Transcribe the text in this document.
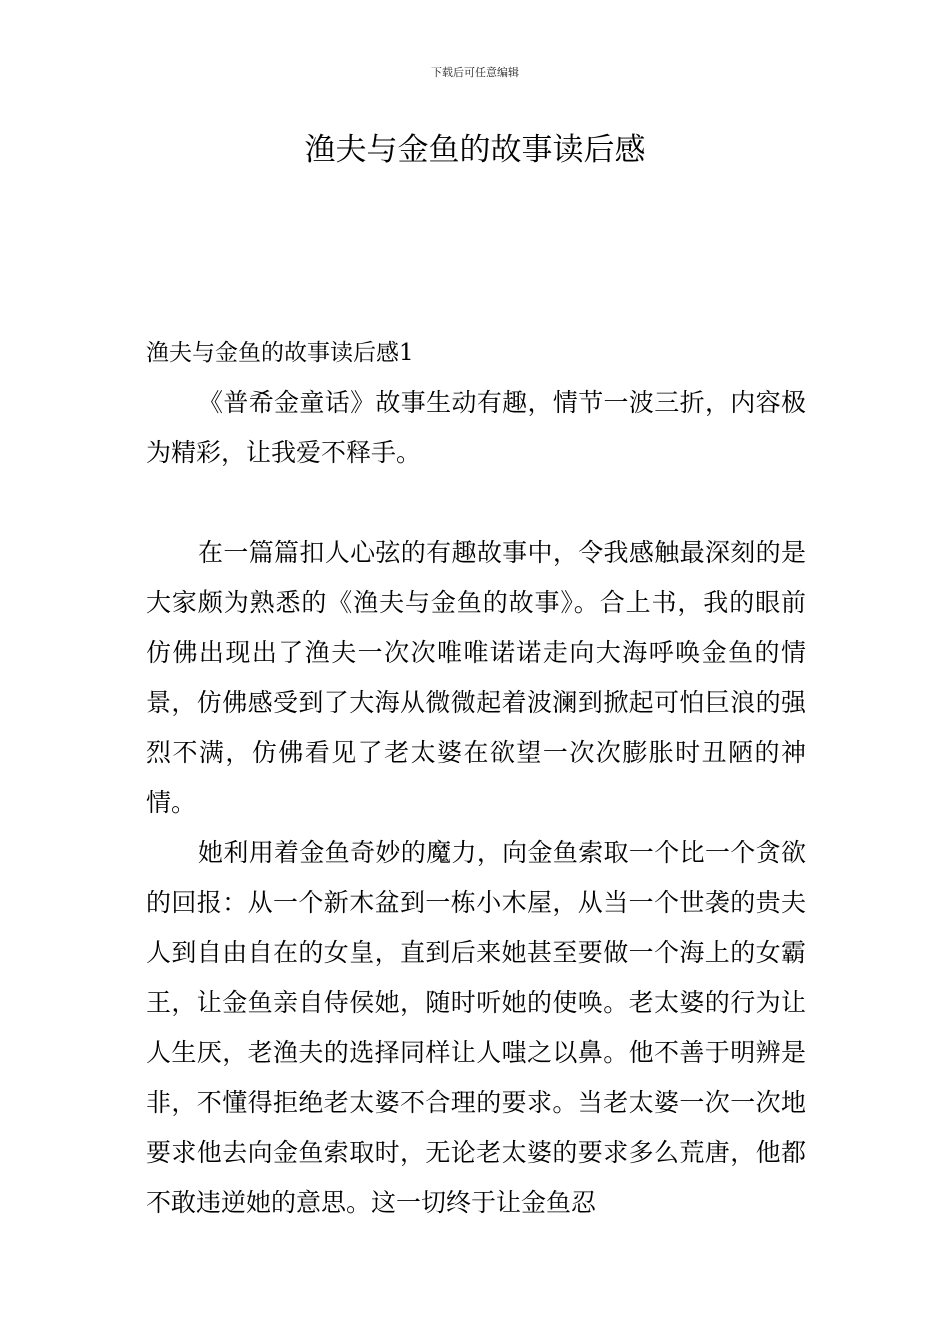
下载后可任意编辑
渔夫与金鱼的故事读后感
渔夫与金鱼的故事读后感1

《普希金童话》故事生动有趣，情节一波三折，内容极为精彩，让我爱不释手。

在一篇篇扣人心弦的有趣故事中，令我感触最深刻的是大家颇为熟悉的《渔夫与金鱼的故事》。合上书，我的眼前仿佛出现出了渔夫一次次唯唯诺诺走向大海呼唤金鱼的情景，仿佛感受到了大海从微微起着波澜到掀起可怕巨浪的强烈不满，仿佛看见了老太婆在欲望一次次膨胀时丑陋的神情。

她利用着金鱼奇妙的魔力，向金鱼索取一个比一个贪欲的回报：从一个新木盆到一栋小木屋，从当一个世袭的贵夫人到自由自在的女皇，直到后来她甚至要做一个海上的女霸王，让金鱼亲自侍侯她，随时听她的使唤。老太婆的行为让人生厌，老渔夫的选择同样让人嗤之以鼻。他不善于明辨是非，不懂得拒绝老太婆不合理的要求。当老太婆一次一次地要求他去向金鱼索取时，无论老太婆的要求多么荒唐，他都不敢违逆她的意思。这一切终于让金鱼忍
